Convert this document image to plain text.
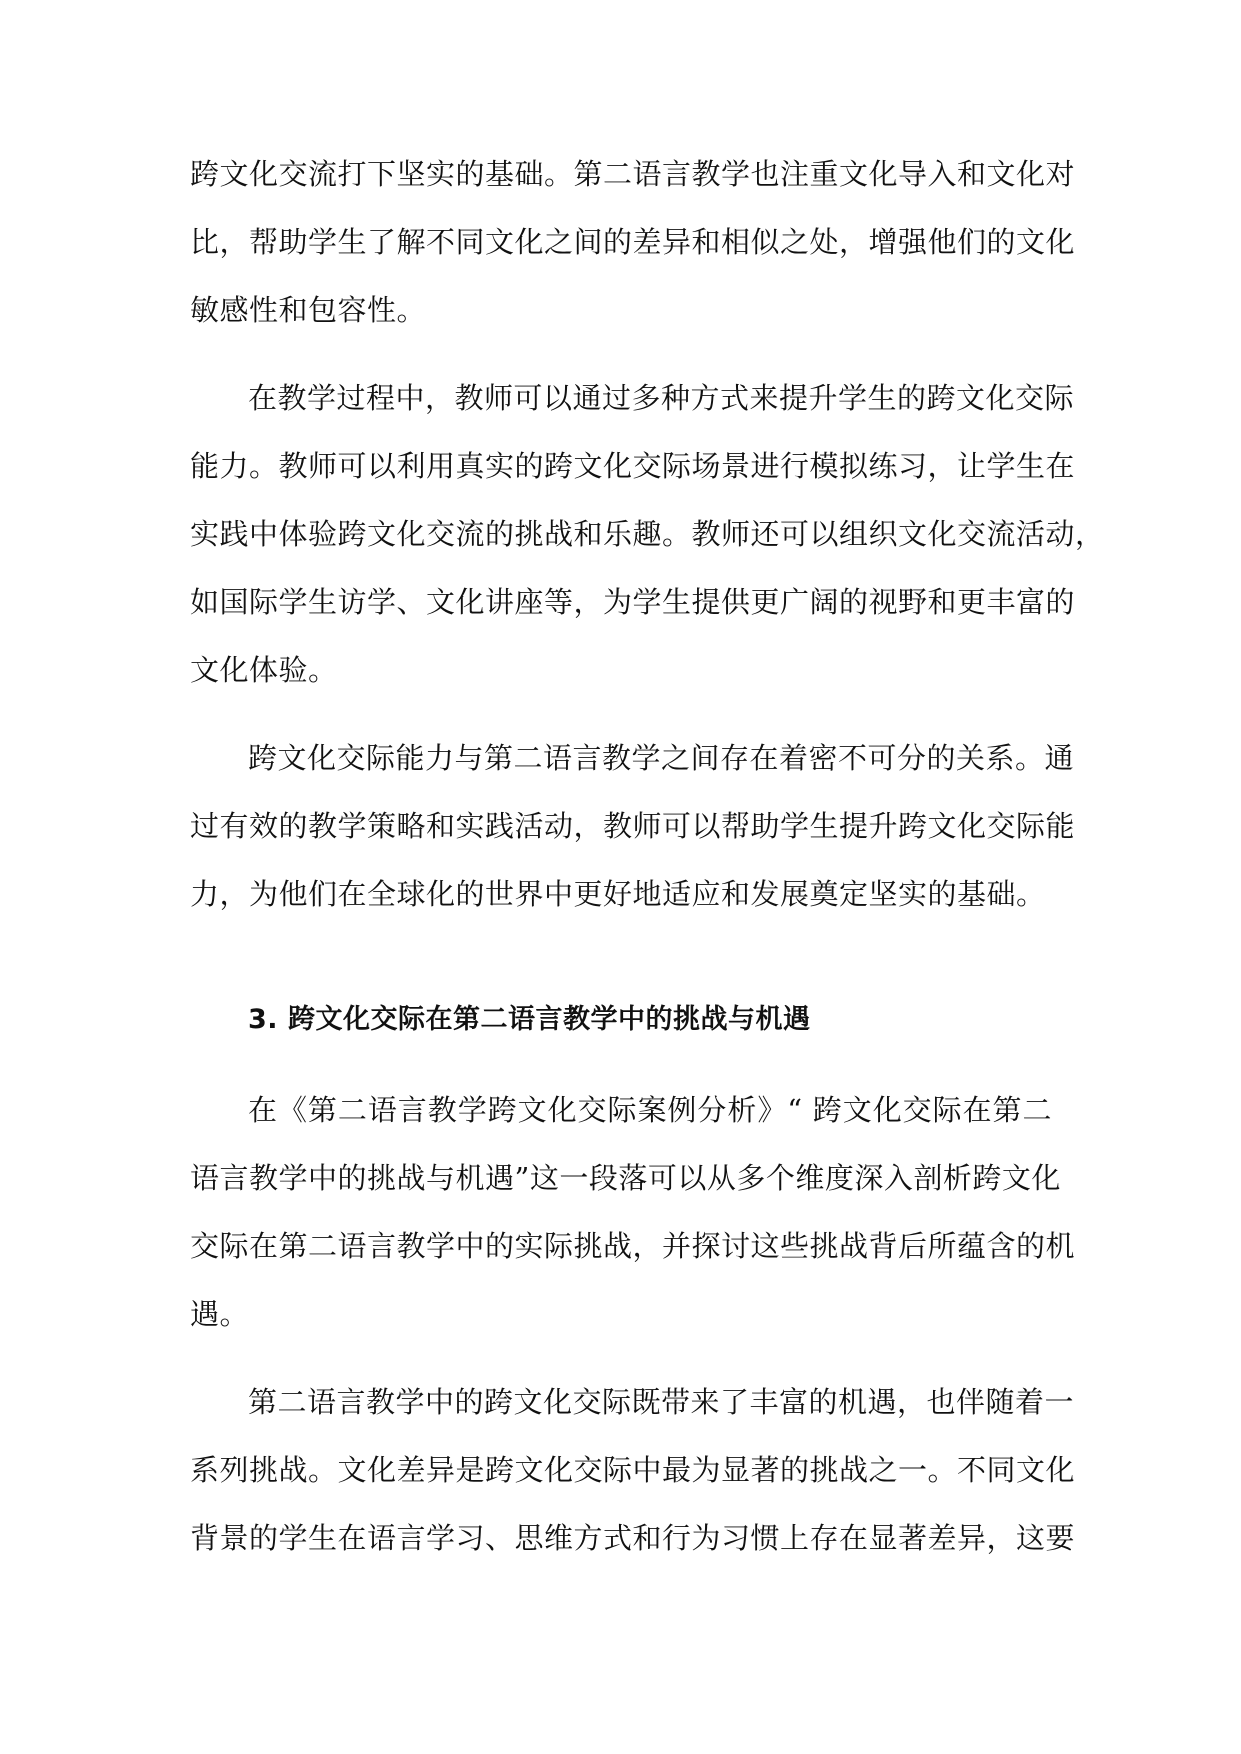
跨文化交流打下坚实的基础。第二语言教学也注重文化导入和文化对
比，帮助学生了解不同文化之间的差异和相似之处，增强他们的文化
敏感性和包容性。
在教学过程中，教师可以通过多种方式来提升学生的跨文化交际
能力。教师可以利用真实的跨文化交际场景进行模拟练习，让学生在
实践中体验跨文化交流的挑战和乐趣。教师还可以组织文化交流活动，
如国际学生访学、文化讲座等，为学生提供更广阔的视野和更丰富的
文化体验。
跨文化交际能力与第二语言教学之间存在着密不可分的关系。通
过有效的教学策略和实践活动，教师可以帮助学生提升跨文化交际能
力，为他们在全球化的世界中更好地适应和发展奠定坚实的基础。
3. 跨文化交际在第二语言教学中的挑战与机遇
在《第二语言教学跨文化交际案例分析》“ 跨文化交际在第二
语言教学中的挑战与机遇”这一段落可以从多个维度深入剖析跨文化
交际在第二语言教学中的实际挑战，并探讨这些挑战背后所蕴含的机
遇。
第二语言教学中的跨文化交际既带来了丰富的机遇，也伴随着一
系列挑战。文化差异是跨文化交际中最为显著的挑战之一。不同文化
背景的学生在语言学习、思维方式和行为习惯上存在显著差异，这要
